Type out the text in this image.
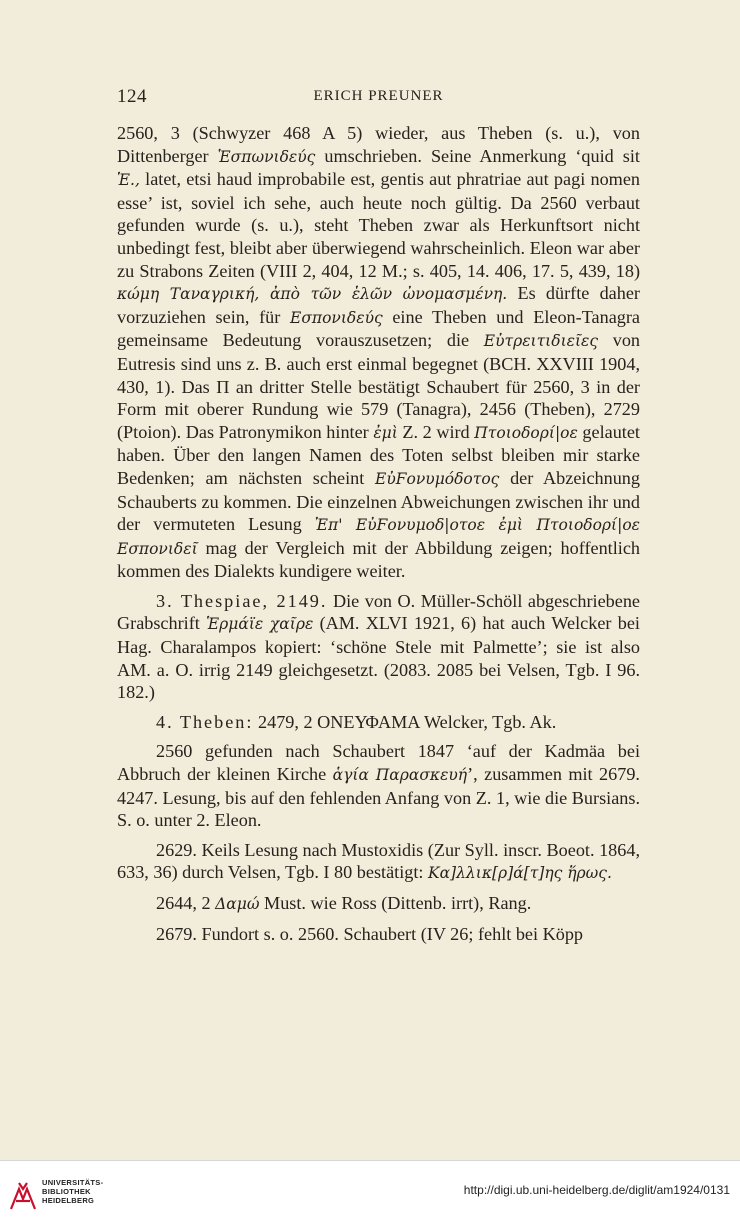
124	ERICH PREUNER

2560, 3 (Schwyzer 468 A 5) wieder, aus Theben (s. u.), von Dittenberger Ἑσπωνιδεύς umschrieben. Seine Anmerkung ‘quid sit Ἑ., latet, etsi haud improbabile est, gentis aut phratriae aut pagi nomen esse’ ist, soviel ich sehe, auch heute noch gültig. Da 2560 verbaut gefunden wurde (s. u.), steht Theben zwar als Herkunftsort nicht unbedingt fest, bleibt aber überwiegend wahrscheinlich. Eleon war aber zu Strabons Zeiten (VIII 2, 404, 12 M.; s. 405, 14. 406, 17. 5, 439, 18) κώμη Ταναγρική, ἀπὸ τῶν ἑλῶν ὠνομασμένη. Es dürfte daher vorzuziehen sein, für Εσπονιδεύς eine Theben und Eleon-Tanagra gemeinsame Bedeutung vorauszusetzen; die Εὐτρειτιδιεῖες von Eutresis sind uns z. B. auch erst einmal begegnet (BCH. XXVIII 1904, 430, 1). Das Π an dritter Stelle bestätigt Schaubert für 2560, 3 in der Form mit oberer Rundung wie 579 (Tanagra), 2456 (Theben), 2729 (Ptoion). Das Patronymikon hinter ἐμὶ Z. 2 wird Πτοιοδορί|οε gelautet haben. Über den langen Namen des Toten selbst bleiben mir starke Bedenken; am nächsten scheint ΕὐϜονυμόδοτος der Abzeichnung Schauberts zu kommen. Die einzelnen Abweichungen zwischen ihr und der vermuteten Lesung Ἐπ' ΕὐϜονυμοδ|οτοε ἐμὶ Πτοιοδορί|οε Εσπονιδεῖ mag der Vergleich mit der Abbildung zeigen; hoffentlich kommen des Dialekts kundigere weiter.

3. Thespiae, 2149. Die von O. Müller-Schöll abgeschriebene Grabschrift Ἑρμάϊε χαῖρε (AM. XLVI 1921, 6) hat auch Welcker bei Hag. Charalampos kopiert: ‘schöne Stele mit Palmette’; sie ist also AM. a. O. irrig 2149 gleichgesetzt. (2083. 2085 bei Velsen, Tgb. I 96. 182.)

4. Theben: 2479, 2 ΟΝΕΥΦΑΜΑ Welcker, Tgb. Ak.

2560 gefunden nach Schaubert 1847 ‘auf der Kadmäa bei Abbruch der kleinen Kirche ἁγία Παρασκευή’, zusammen mit 2679. 4247. Lesung, bis auf den fehlenden Anfang von Z. 1, wie die Bursians. S. o. unter 2. Eleon.

2629. Keils Lesung nach Mustoxidis (Zur Syll. inscr. Boeot. 1864, 633, 36) durch Velsen, Tgb. I 80 bestätigt: Κα]λλικ[ρ]ά[τ]ης ἥρως.

2644, 2 Δαμώ Must. wie Ross (Dittenb. irrt), Rang.

2679. Fundort s. o. 2560. Schaubert (IV 26; fehlt bei Köpp

UNIVERSITÄTS-
BIBLIOTHEK
HEIDELBERG
http://digi.ub.uni-heidelberg.de/diglit/am1924/0131
